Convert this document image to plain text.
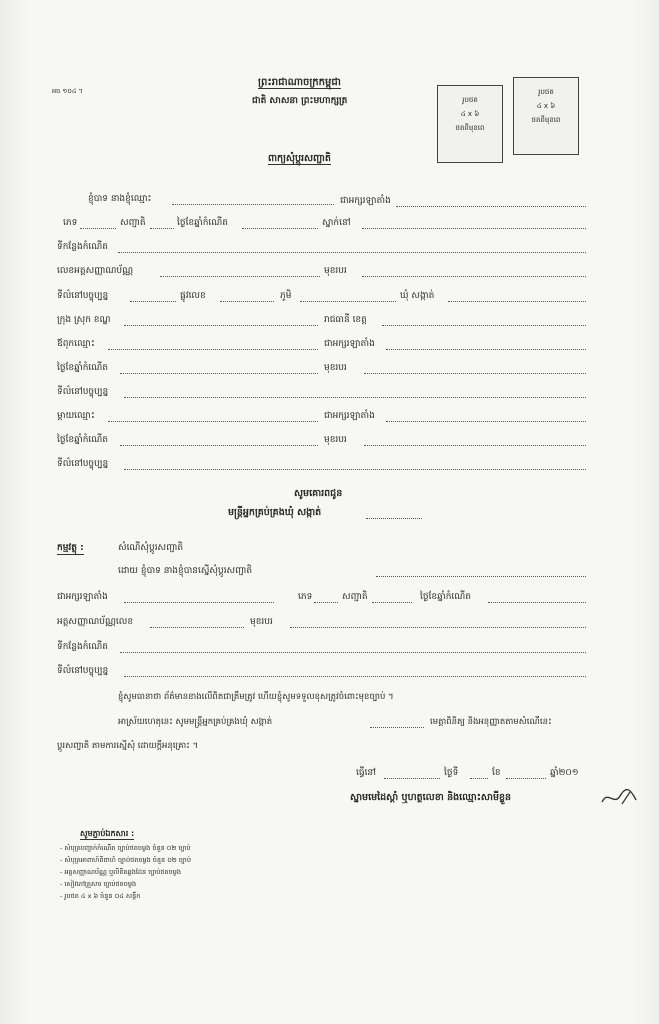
អធ ១០៤ ។
ព្រះរាជាណាចក្រកម្ពុជា
ជាតិ សាសនា ព្រះមហាក្សត្រ
ពាក្យសុំប្តូរសញ្ជាតិ
រូបថត
៤ x ៦
ថតពីមុខពេ
រូបថត
៤ x ៦
ថតពីមុខពេ
ខ្ញុំបាទ នាងខ្ញុំឈ្មោះ	ជាអក្សរឡាតាំង
ភេទ	សញ្ជាតិ	ថ្ងៃខែឆ្នាំកំណើត	ស្នាក់នៅ
ទីកន្លែងកំណើត
លេខអត្តសញ្ញាណប័ណ្ណ	មុខរបរ
ទីលំនៅបច្ចុប្បន្ន	ផ្លូវលេខ	ភូមិ	ឃុំ សង្កាត់
ក្រុង ស្រុក ខណ្ឌ	រាជធានី ខេត្ត
ឪពុកឈ្មោះ	ជាអក្សរឡាតាំង
ថ្ងៃខែឆ្នាំកំណើត	មុខរបរ
ទីលំនៅបច្ចុប្បន្ន
ម្តាយឈ្មោះ	ជាអក្សរឡាតាំង
ថ្ងៃខែឆ្នាំកំណើត	មុខរបរ
ទីលំនៅបច្ចុប្បន្ន
សូមគោរពជូន
មន្ត្រីអ្នកគ្រប់គ្រងឃុំ សង្កាត់
កម្មវត្ថុ :	សំណើសុំប្តូរសញ្ជាតិ
ដោយ ខ្ញុំបាទ នាងខ្ញុំបានស្នើសុំប្តូរសញ្ជាតិ
ជាអក្សរឡាតាំង	ភេទ	សញ្ជាតិ	ថ្ងៃខែឆ្នាំកំណើត
អត្តសញ្ញាណប័ណ្ណលេខ	មុខរបរ
ទីកន្លែងកំណើត
ទីលំនៅបច្ចុប្បន្ន
ខ្ញុំសូមធានាថា ព័ត៌មានខាងលើពិតជាត្រឹមត្រូវ ហើយខ្ញុំសូមទទួលខុសត្រូវចំពោះមុខច្បាប់ ។
អាស្រ័យហេតុនេះ សូមមន្ត្រីអ្នកគ្រប់គ្រងឃុំ សង្កាត់	មេត្តាពិនិត្យ និងអនុញ្ញាតតាមសំណើនេះ
ប្តូរសញ្ជាតិ តាមការស្នើសុំ ដោយក្តីអនុគ្រោះ ។
ធ្វើនៅ	ថ្ងៃទី	ខែ	ឆ្នាំ២០១
ស្នាមមេដៃស្តាំ ឬហត្ថលេខា និងឈ្មោះសាមីខ្លួន
សូមភ្ជាប់ឯកសារ :
- សំបុត្របញ្ជាក់កំណើត ច្បាប់ថតចម្លង ចំនួន ០២ ច្បាប់
- សំបុត្រអាពាហ៍ពិពាហ៍ ច្បាប់ថតចម្លង ចំនួន ០២ ច្បាប់
- អត្តសញ្ញាណប័ណ្ណ ឬលិខិតឆ្លងដែន ច្បាប់ថតចម្លង
- សៀវភៅគ្រួសារ ច្បាប់ថតចម្លង
- រូបថត ៤ x ៦ ចំនួន ០៤ សន្លឹក
